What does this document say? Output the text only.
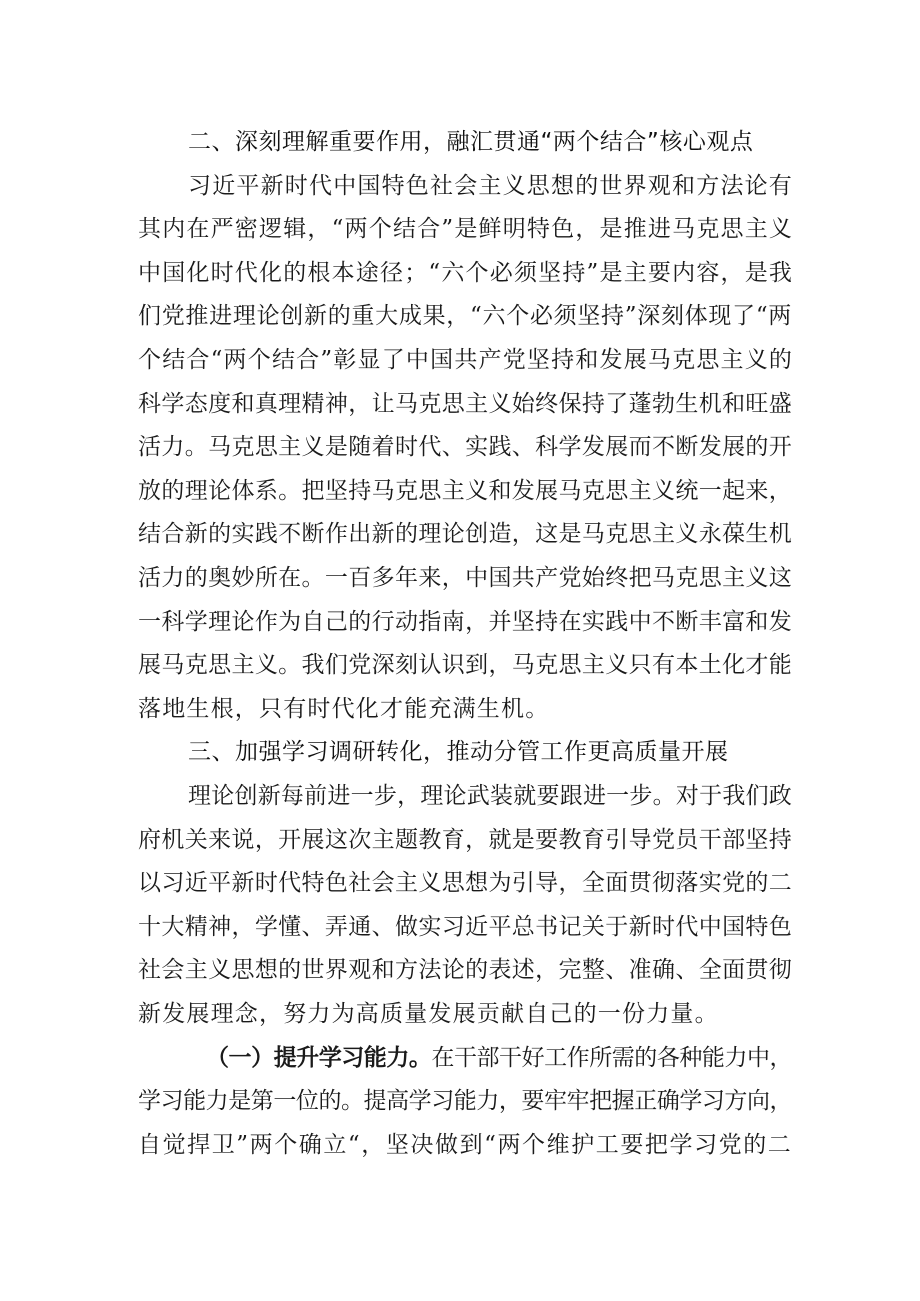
二、深刻理解重要作用，融汇贯通“两个结合”核心观点

习近平新时代中国特色社会主义思想的世界观和方法论有

其内在严密逻辑，“两个结合”是鲜明特色，是推进马克思主义

中国化时代化的根本途径；“六个必须坚持”是主要内容，是我

们党推进理论创新的重大成果，“六个必须坚持”深刻体现了“两

个结合“两个结合”彰显了中国共产党坚持和发展马克思主义的

科学态度和真理精神，让马克思主义始终保持了蓬勃生机和旺盛

活力。马克思主义是随着时代、实践、科学发展而不断发展的开

放的理论体系。把坚持马克思主义和发展马克思主义统一起来，

结合新的实践不断作出新的理论创造，这是马克思主义永葆生机

活力的奥妙所在。一百多年来，中国共产党始终把马克思主义这

一科学理论作为自己的行动指南，并坚持在实践中不断丰富和发

展马克思主义。我们党深刻认识到，马克思主义只有本土化才能

落地生根，只有时代化才能充满生机。

三、加强学习调研转化，推动分管工作更高质量开展

理论创新每前进一步，理论武装就要跟进一步。对于我们政

府机关来说，开展这次主题教育，就是要教育引导党员干部坚持

以习近平新时代特色社会主义思想为引导，全面贯彻落实党的二

十大精神，学懂、弄通、做实习近平总书记关于新时代中国特色

社会主义思想的世界观和方法论的表述，完整、准确、全面贯彻

新发展理念，努力为高质量发展贡献自己的一份力量。

（一）提升学习能力。在干部干好工作所需的各种能力中，

学习能力是第一位的。提高学习能力，要牢牢把握正确学习方向，

自觉捍卫”两个确立“，坚决做到“两个维护工要把学习党的二
